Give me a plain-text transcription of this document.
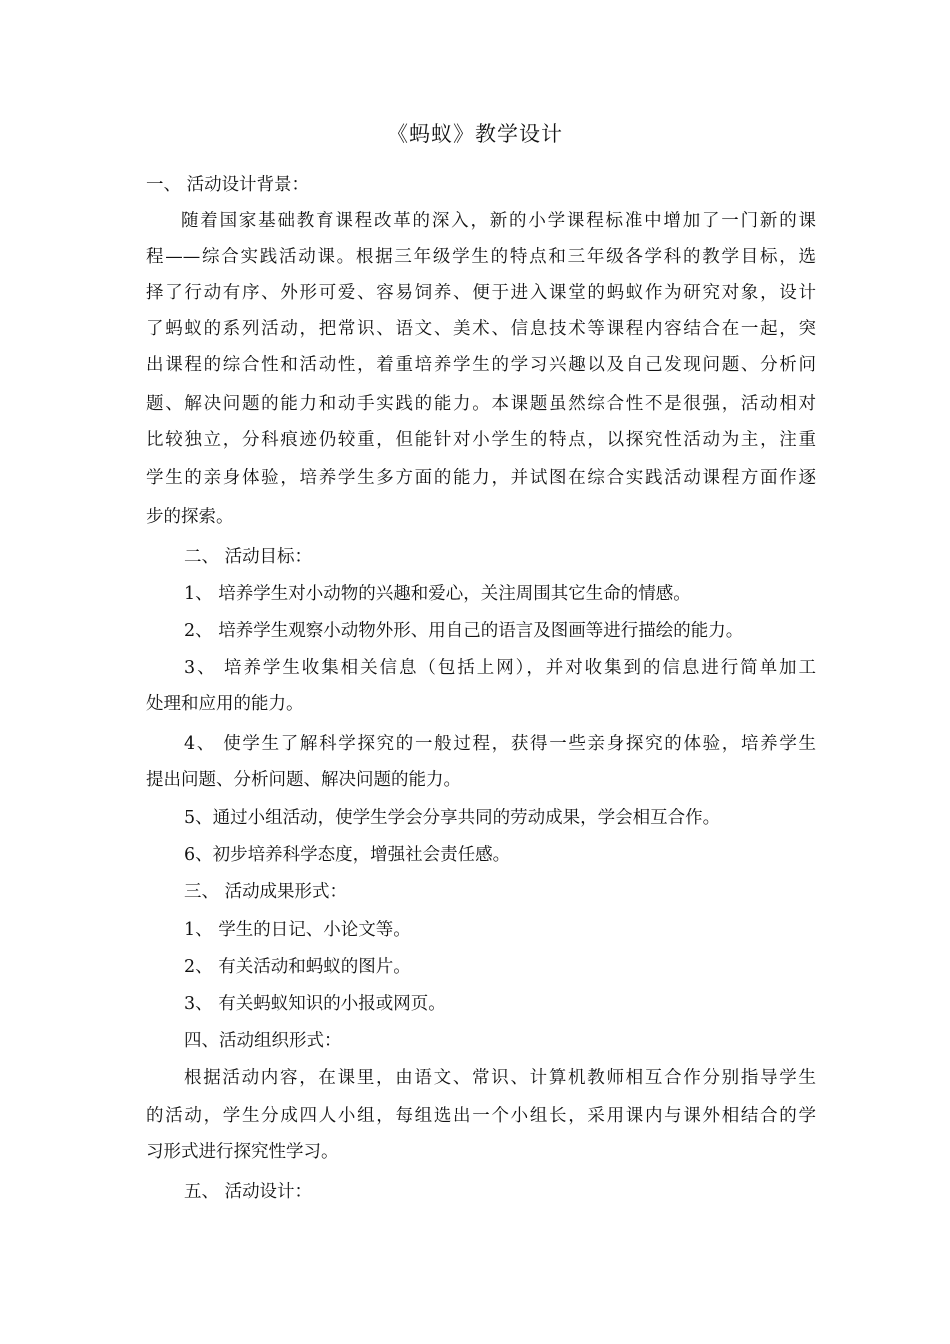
《蚂蚁》教学设计
一、 活动设计背景：
随着国家基础教育课程改革的深入，新的小学课程标准中增加了一门新的课
程——综合实践活动课。根据三年级学生的特点和三年级各学科的教学目标，选
择了行动有序、外形可爱、容易饲养、便于进入课堂的蚂蚁作为研究对象，设计
了蚂蚁的系列活动，把常识、语文、美术、信息技术等课程内容结合在一起，突
出课程的综合性和活动性，着重培养学生的学习兴趣以及自己发现问题、分析问
题、解决问题的能力和动手实践的能力。本课题虽然综合性不是很强，活动相对
比较独立，分科痕迹仍较重，但能针对小学生的特点，以探究性活动为主，注重
学生的亲身体验，培养学生多方面的能力，并试图在综合实践活动课程方面作逐
步的探索。
二、 活动目标：
1、 培养学生对小动物的兴趣和爱心，关注周围其它生命的情感。
2、 培养学生观察小动物外形、用自己的语言及图画等进行描绘的能力。
3、 培养学生收集相关信息（包括上网），并对收集到的信息进行简单加工
处理和应用的能力。
4、 使学生了解科学探究的一般过程，获得一些亲身探究的体验，培养学生
提出问题、分析问题、解决问题的能力。
5、通过小组活动，使学生学会分享共同的劳动成果，学会相互合作。
6、初步培养科学态度，增强社会责任感。
三、 活动成果形式：
1、 学生的日记、小论文等。
2、 有关活动和蚂蚁的图片。
3、 有关蚂蚁知识的小报或网页。
四、活动组织形式：
根据活动内容，在课里，由语文、常识、计算机教师相互合作分别指导学生
的活动，学生分成四人小组，每组选出一个小组长，采用课内与课外相结合的学
习形式进行探究性学习。
五、 活动设计：
